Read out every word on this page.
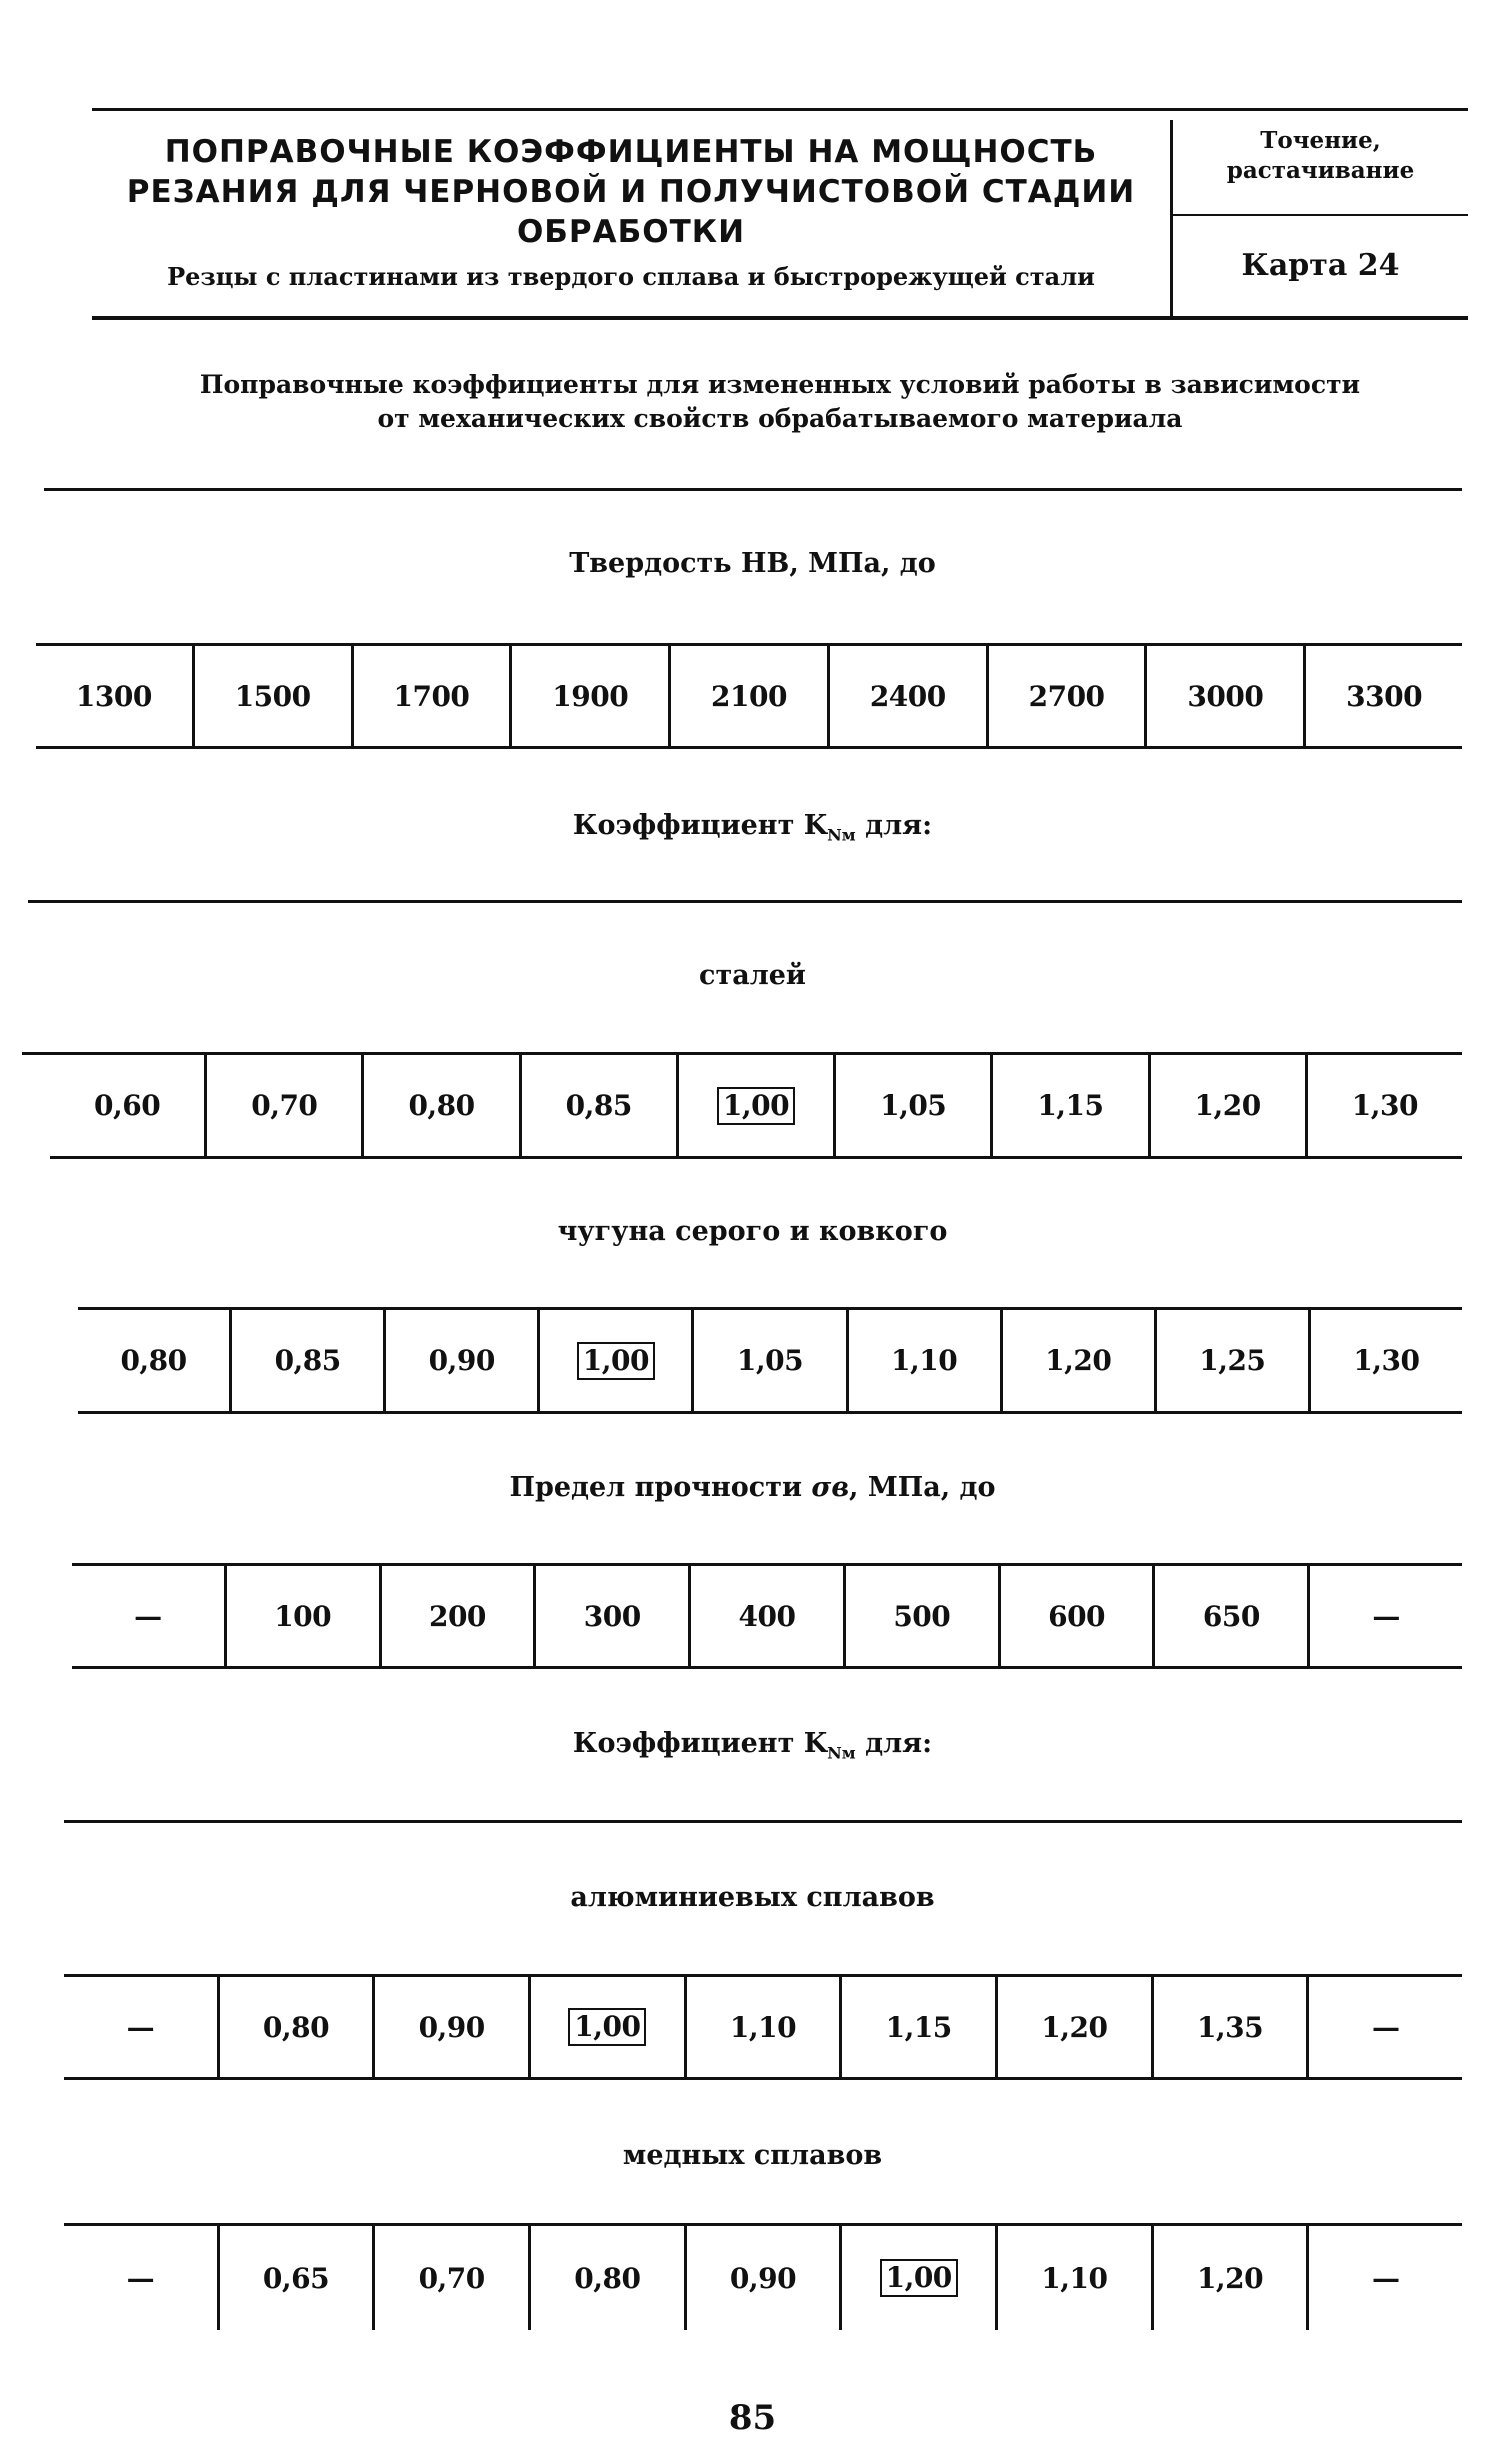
ПОПРАВОЧНЫЕ КОЭФФИЦИЕНТЫ НА МОЩНОСТЬ
РЕЗАНИЯ ДЛЯ ЧЕРНОВОЙ И ПОЛУЧИСТОВОЙ СТАДИИ
ОБРАБОТКИ
Точение,
растачивание
Карта 24
Резцы с пластинами из твердого сплава и быстрорежущей стали
Поправочные коэффициенты для измененных условий работы в зависимости
от механических свойств обрабатываемого материала
Твердость НВ, МПа, до
1300	1500	1700	1900	2100	2400	2700	3000	3300
Коэффициент $K_{Nм}$ для:
сталей
0,60	0,70	0,80	0,85	1,00	1,05	1,15	1,20	1,30
чугуна серого и ковкого
0,80	0,85	0,90	1,00	1,05	1,10	1,20	1,25	1,30
Предел прочности σв, МПа, до
—	100	200	300	400	500	600	650	—
Коэффициент $K_{Nм}$ для:
алюминиевых сплавов
—	0,80	0,90	1,00	1,10	1,15	1,20	1,35	—
медных сплавов
—	0,65	0,70	0,80	0,90	1,00	1,10	1,20	—
85
